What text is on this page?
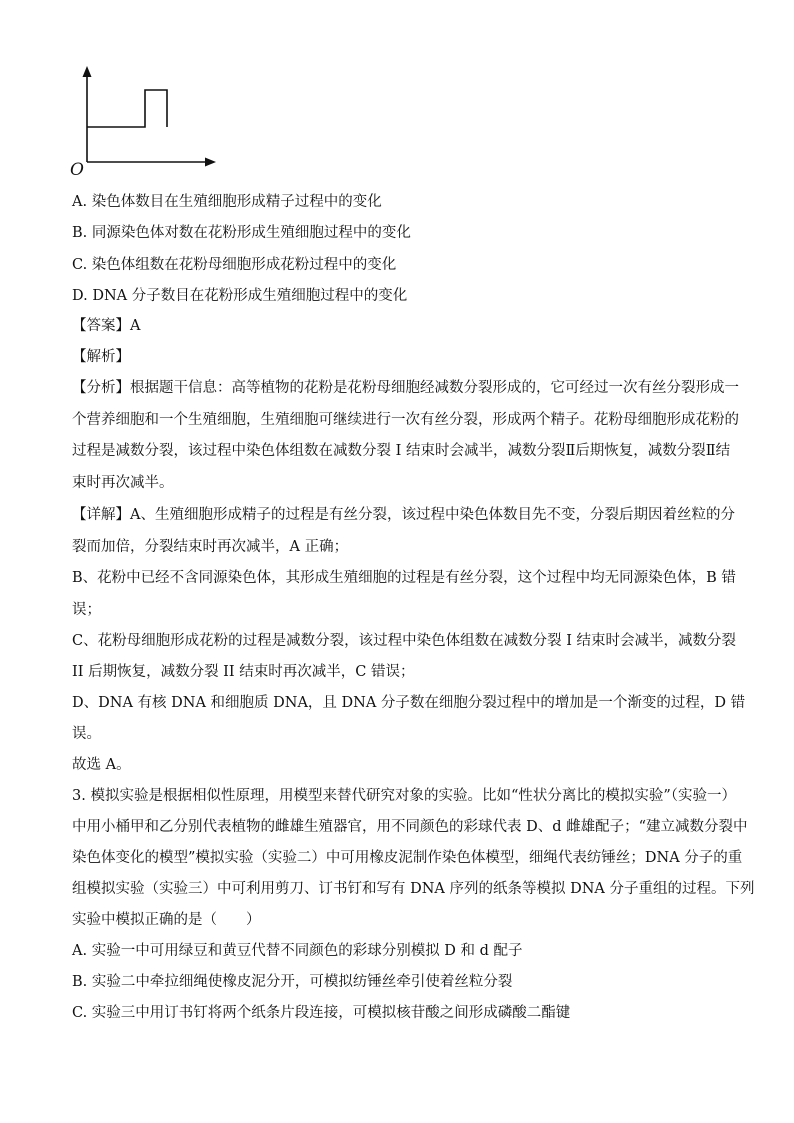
O
A. 染色体数目在生殖细胞形成精子过程中的变化
B. 同源染色体对数在花粉形成生殖细胞过程中的变化
C. 染色体组数在花粉母细胞形成花粉过程中的变化
D. DNA 分子数目在花粉形成生殖细胞过程中的变化
【答案】A
【解析】
【分析】根据题干信息：高等植物的花粉是花粉母细胞经减数分裂形成的，它可经过一次有丝分裂形成一
个营养细胞和一个生殖细胞，生殖细胞可继续进行一次有丝分裂，形成两个精子。花粉母细胞形成花粉的
过程是减数分裂，该过程中染色体组数在减数分裂 I 结束时会减半，减数分裂Ⅱ后期恢复，减数分裂Ⅱ结
束时再次减半。
【详解】A、生殖细胞形成精子的过程是有丝分裂，该过程中染色体数目先不变，分裂后期因着丝粒的分
裂而加倍，分裂结束时再次减半，A 正确；
B、花粉中已经不含同源染色体，其形成生殖细胞的过程是有丝分裂，这个过程中均无同源染色体，B 错
误；
C、花粉母细胞形成花粉的过程是减数分裂，该过程中染色体组数在减数分裂 I 结束时会减半，减数分裂
II 后期恢复，减数分裂 II 结束时再次减半，C 错误；
D、DNA 有核 DNA 和细胞质 DNA，且 DNA 分子数在细胞分裂过程中的增加是一个渐变的过程，D 错
误。
故选 A。
3. 模拟实验是根据相似性原理，用模型来替代研究对象的实验。比如“性状分离比的模拟实验”（实验一）
中用小桶甲和乙分别代表植物的雌雄生殖器官，用不同颜色的彩球代表 D、d 雌雄配子；“建立减数分裂中
染色体变化的模型”模拟实验（实验二）中可用橡皮泥制作染色体模型，细绳代表纺锤丝；DNA 分子的重
组模拟实验（实验三）中可利用剪刀、订书钉和写有 DNA 序列的纸条等模拟 DNA 分子重组的过程。下列
实验中模拟正确的是（　　）
A. 实验一中可用绿豆和黄豆代替不同颜色的彩球分别模拟 D 和 d 配子
B. 实验二中牵拉细绳使橡皮泥分开，可模拟纺锤丝牵引使着丝粒分裂
C. 实验三中用订书钉将两个纸条片段连接，可模拟核苷酸之间形成磷酸二酯键
